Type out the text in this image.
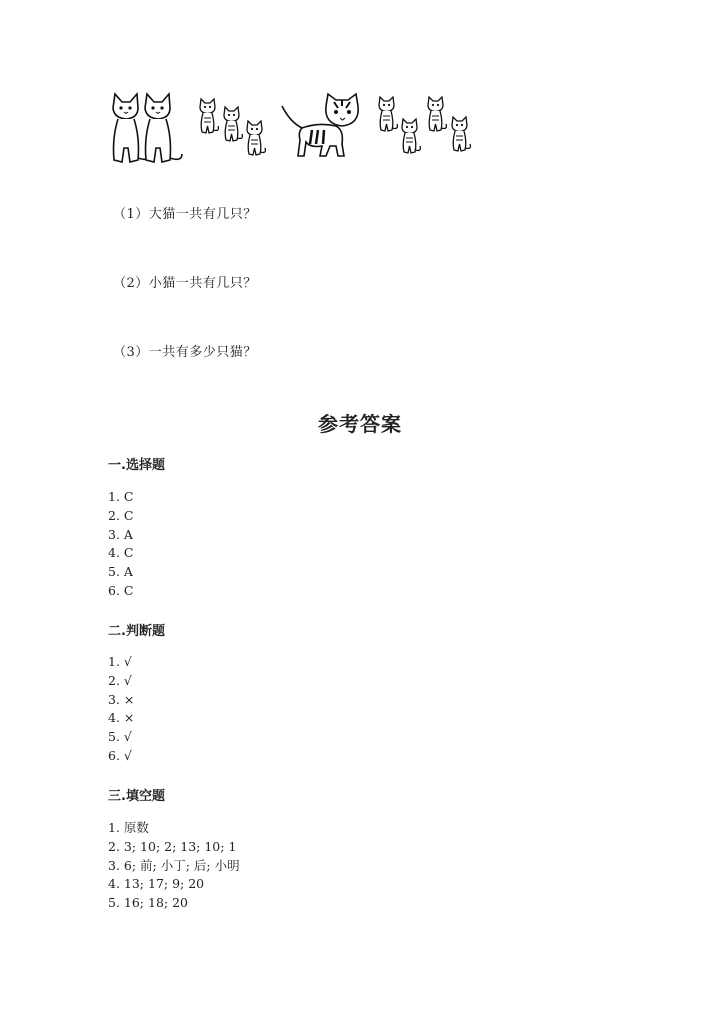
（1）大猫一共有几只？
（2）小猫一共有几只？
（3）一共有多少只猫？
参考答案
一.选择题
1. C
2. C
3. A
4. C
5. A
6. C
二.判断题
1. √
2. √
3. ×
4. ×
5. √
6. √
三.填空题
1. 原数
2. 3; 10; 2; 13; 10; 1
3. 6; 前; 小丁; 后; 小明
4. 13; 17; 9; 20
5. 16; 18; 20
